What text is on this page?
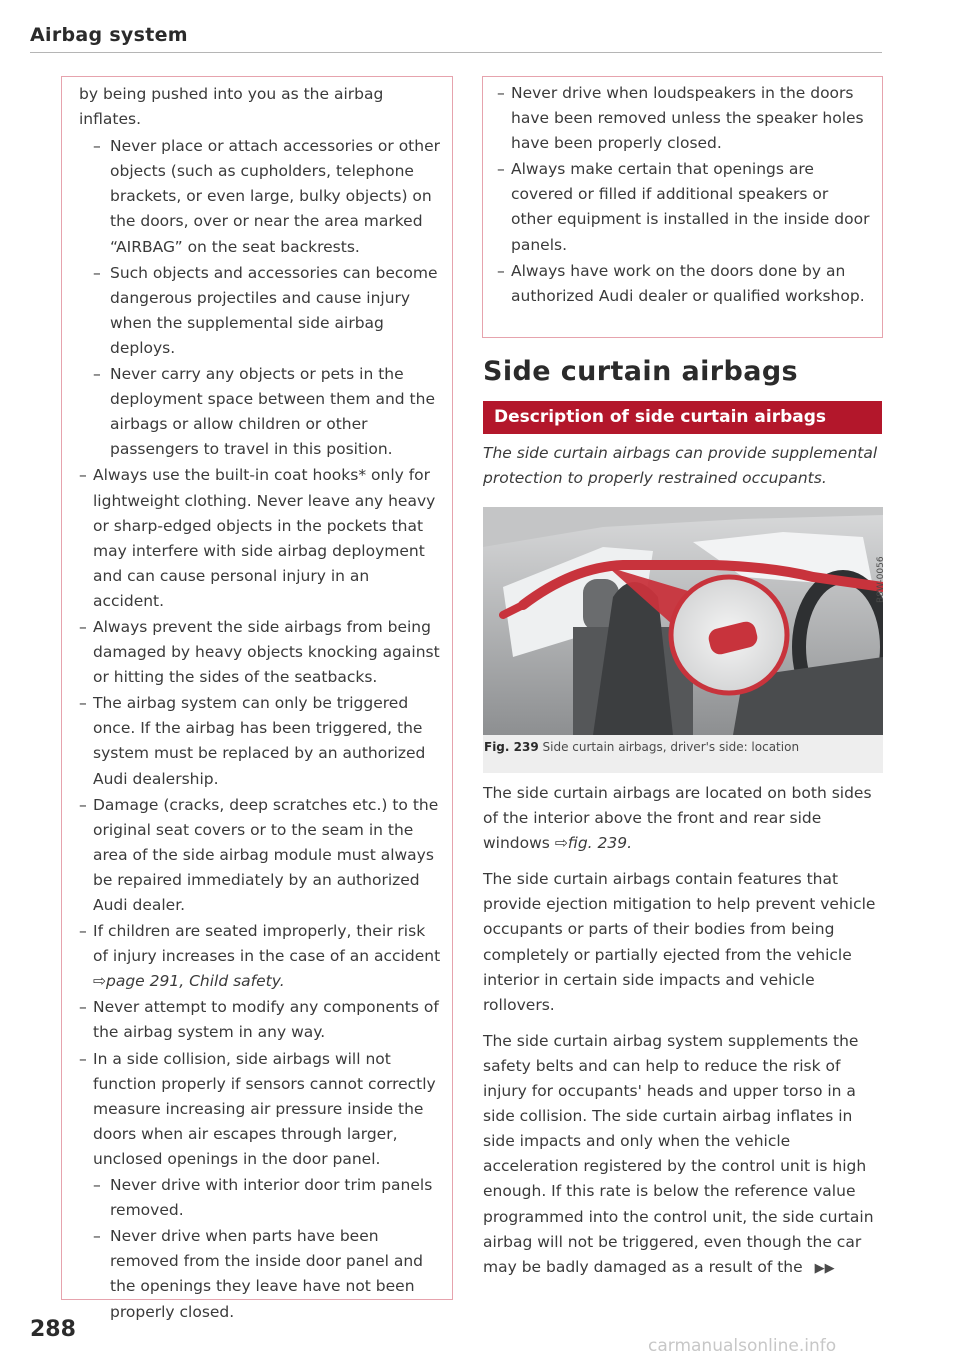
Airbag system
by being pushed into you as the airbag inflates.
– Never place or attach accessories or other objects (such as cupholders, telephone brackets, or even large, bulky objects) on the doors, over or near the area marked “AIRBAG” on the seat backrests.
– Such objects and accessories can become dangerous projectiles and cause injury when the supplemental side airbag deploys.
– Never carry any objects or pets in the deployment space between them and the airbags or allow children or other passengers to travel in this position.
– Always use the built-in coat hooks* only for lightweight clothing. Never leave any heavy or sharp-edged objects in the pockets that may interfere with side airbag deployment and can cause personal injury in an accident.
– Always prevent the side airbags from being damaged by heavy objects knocking against or hitting the sides of the seatbacks.
– The airbag system can only be triggered once. If the airbag has been triggered, the system must be replaced by an authorized Audi dealership.
– Damage (cracks, deep scratches etc.) to the original seat covers or to the seam in the area of the side airbag module must always be repaired immediately by an authorized Audi dealer.
– If children are seated improperly, their risk of injury increases in the case of an accident ⇨page 291, Child safety.
– Never attempt to modify any components of the airbag system in any way.
– In a side collision, side airbags will not function properly if sensors cannot correctly measure increasing air pressure inside the doors when air escapes through larger, unclosed openings in the door panel.
– Never drive with interior door trim panels removed.
– Never drive when parts have been removed from the inside door panel and the openings they leave have not been properly closed.
– Never drive when loudspeakers in the doors have been removed unless the speaker holes have been properly closed.
– Always make certain that openings are covered or filled if additional speakers or other equipment is installed in the inside door panels.
– Always have work on the doors done by an authorized Audi dealer or qualified workshop.
Side curtain airbags
Description of side curtain airbags
The side curtain airbags can provide supplemental protection to properly restrained occupants.
B8W-0056
Fig. 239 Side curtain airbags, driver's side: location

The side curtain airbags are located on both sides of the interior above the front and rear side windows ⇨fig. 239.

The side curtain airbags contain features that provide ejection mitigation to help prevent vehicle occupants or parts of their bodies from being completely or partially ejected from the vehicle interior in certain side impacts and vehicle rollovers.

The side curtain airbag system supplements the safety belts and can help to reduce the risk of injury for occupants' heads and upper torso in a side collision. The side curtain airbag inflates in side impacts and only when the vehicle acceleration registered by the control unit is high enough. If this rate is below the reference value programmed into the control unit, the side curtain airbag will not be triggered, even though the car may be badly damaged as a result of the ▶▶

288
carmanualsonline.info
